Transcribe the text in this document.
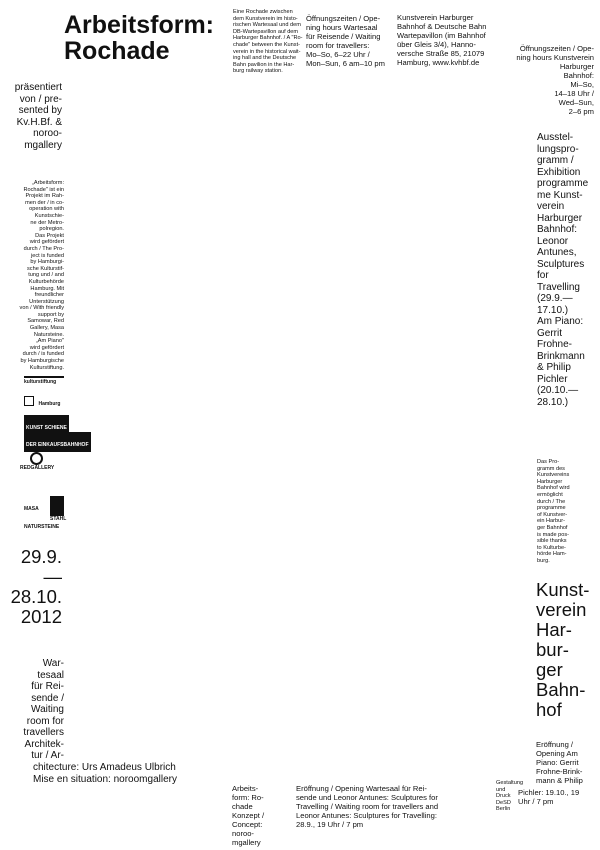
Arbeitsform:
Rochade
Eine Rochade zwischen
dem Kunstverein im histo-
rischen Wartesaal und dem
DB-Wartepavillon auf dem
Harburger Bahnhof. / A "Ro-
chade" between the Kunst-
verein in the historical wait-
ing hall and the Deutsche
Bahn pavilion in the Har-
burg railway station.
Öffnungszeiten / Ope-
ning hours Wartesaal
für Reisende / Waiting
room for travellers:
Mo–So, 6–22 Uhr /
Mon–Sun, 6 am–10 pm
Kunstverein Harburger
Bahnhof & Deutsche Bahn
Wartepavillon (im Bahnhof
über Gleis 3/4), Hanno-
versche Straße 85, 21079
Hamburg, www.kvhbf.de
Öffnungszeiten / Ope-
ning hours Kunstverein
Harburger
Bahnhof:
Mi–So,
14–18 Uhr /
Wed–Sun,
2–6 pm
präsentiert
von / pre-
sented by
Kv.H.Bf. &
noroo-
mgallery
„Arbeitsform:
Rochade" ist ein
Projekt im Rah-
men der / in co-
operation with
Kunstschie-
ne der Metro-
polregion.
Das Projekt
wird gefördert
durch / The Pro-
ject is funded
by Hamburgi-
sche Kulturstif-
tung und / and
Kulturbehörde
Hamburg. Mit
freundlicher
Unterstützung
von / With friendly
support by
Samowar, Red
Gallery, Masa
Natursteine.
„Am Piano"
wird gefördert
durch / is funded
by Hamburgische
Kulturstiftung.
kulturstiftung
Hamburg
KUNST SCHIENE
DER EINKAUFSBAHNHOF
REDGALLERY

MASA
NATURSTEINE

STAHL
Ausstel-
lungspro-
gramm /
Exhibition
programme
me Kunst-
verein
Harburger
Bahnhof:
Leonor
Antunes,
Sculptures
for
Travelling
(29.9.—
17.10.)
Am Piano:
Gerrit
Frohne-
Brinkmann
& Philip
Pichler
(20.10.—
28.10.)
Das Pro-
gramm des
Kunstvereins
Harburger
Bahnhof wird
ermöglicht
durch / The
programme
of Kunstver-
ein Harbur-
ger Bahnhof
is made pos-
sible thanks
to Kulturbe-
hörde Ham-
burg.
29.9.
—
28.10.
2012
Kunst-
verein
Har-
bur-
ger
Bahn-
hof
War-
tesaal
für Rei-
sende /
Waiting
room for
travellers
Architek-
tur / Ar-
chitecture: Urs Amadeus Ulbrich
Mise en situation: noroomgallery
Eröffnung /
Opening Am
Piano: Gerrit
Frohne-Brink-
mann & Philip
Pichler: 19.10., 19
Uhr / 7 pm
Gestaltung
und Druck
DeSD Berlin
Arbeits-
form: Ro-
chade
Konzept /
Concept:
noroo-
mgallery
Eröffnung / Opening Wartesaal für Rei-
sende und Leonor Antunes: Sculptures for
Travelling / Waiting room for travellers and
Leonor Antunes: Sculptures for Travelling:
28.9., 19 Uhr / 7 pm
